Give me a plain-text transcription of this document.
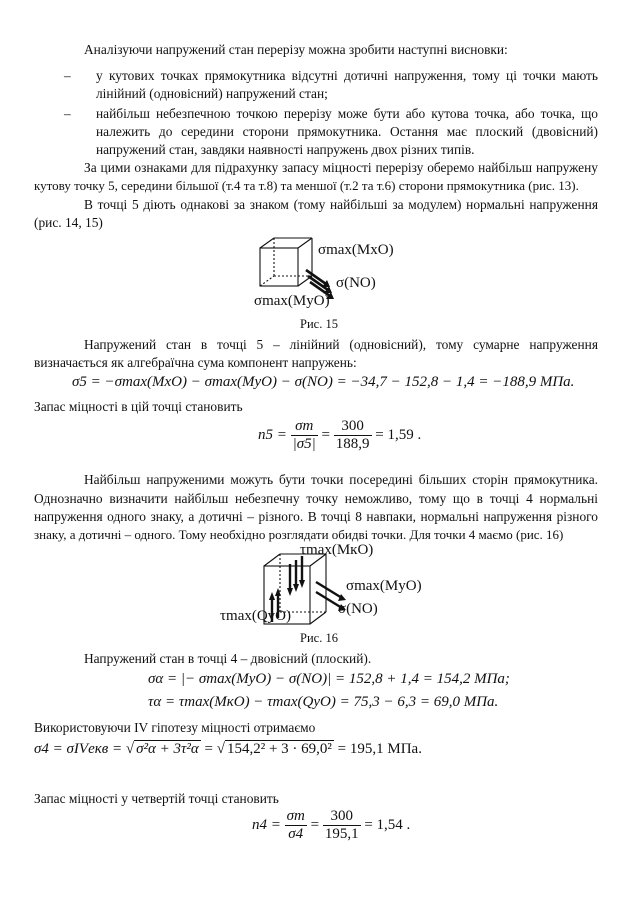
Аналізуючи напружений стан перерізу можна зробити наступні висновки:
– у кутових точках прямокутника відсутні дотичні напруження, тому ці точки мають
лінійний (одновісний) напружений стан;
– найбільш небезпечною точкою перерізу може бути або кутова точка, або точка, що
належить до середини сторони прямокутника. Остання має плоский (двовісний)
напружений стан, завдяки наявності напружень двох різних типів.
За цими ознаками для підрахунку запасу міцності перерізу оберемо найбільш напружену
кутову точку 5, середини більшої (т.4 та т.8) та меншої (т.2 та т.6) сторони прямокутника (рис. 13).
В точці 5 діють однакові за знаком (тому найбільші за модулем) нормальні напруження
(рис. 14, 15)
σmax(MxO)
σ(NO)
σmax(MyO)
Рис. 15
Напружений стан в точці 5 – лінійний (одновісний), тому сумарне напруження
визначається як алгебраїчна сума компонент напружень:
σ5 = −σmax(MxO) − σmax(MyO) − σ(NO) = −34,7 − 152,8 − 1,4 = −188,9 МПа.
Запас міцності в цій точці становить
$n5 = \frac{\sigma т}{|\sigma 5|} = \frac{300}{188,9} = 1,59$ .
Найбільш напруженими можуть бути точки посередині більших сторін прямокутника.
Однозначно визначити найбільш небезпечну точку неможливо, тому що в точці 4 нормальні
напруження одного знаку, а дотичні – різного. В точці 8 навпаки, нормальні напруження різного
знаку, а дотичні – одного. Тому необхідно розглядати обидві точки. Для точки 4 маємо (рис. 16)
τmax(MкO)
σmax(MyO)
σ(NO)
τmax(QyO)
Рис. 16
Напружений стан в точці 4 – двовісний (плоский).
σα = |− σmax(MyO) − σ(NO)| = 152,8 + 1,4 = 154,2 МПа;
τα = τmax(MкO) − τmax(QyO) = 75,3 − 6,3 = 69,0 МПа.
Використовуючи IV гіпотезу міцності отримаємо
σ4 = σIVекв = √ σ²α + 3τ²α = √ 154,2² + 3 · 69,0² = 195,1 МПа.
Запас міцності у четвертій точці становить
$n4 = \frac{\sigma т}{\sigma 4} = \frac{300}{195,1} = 1,54$ .
